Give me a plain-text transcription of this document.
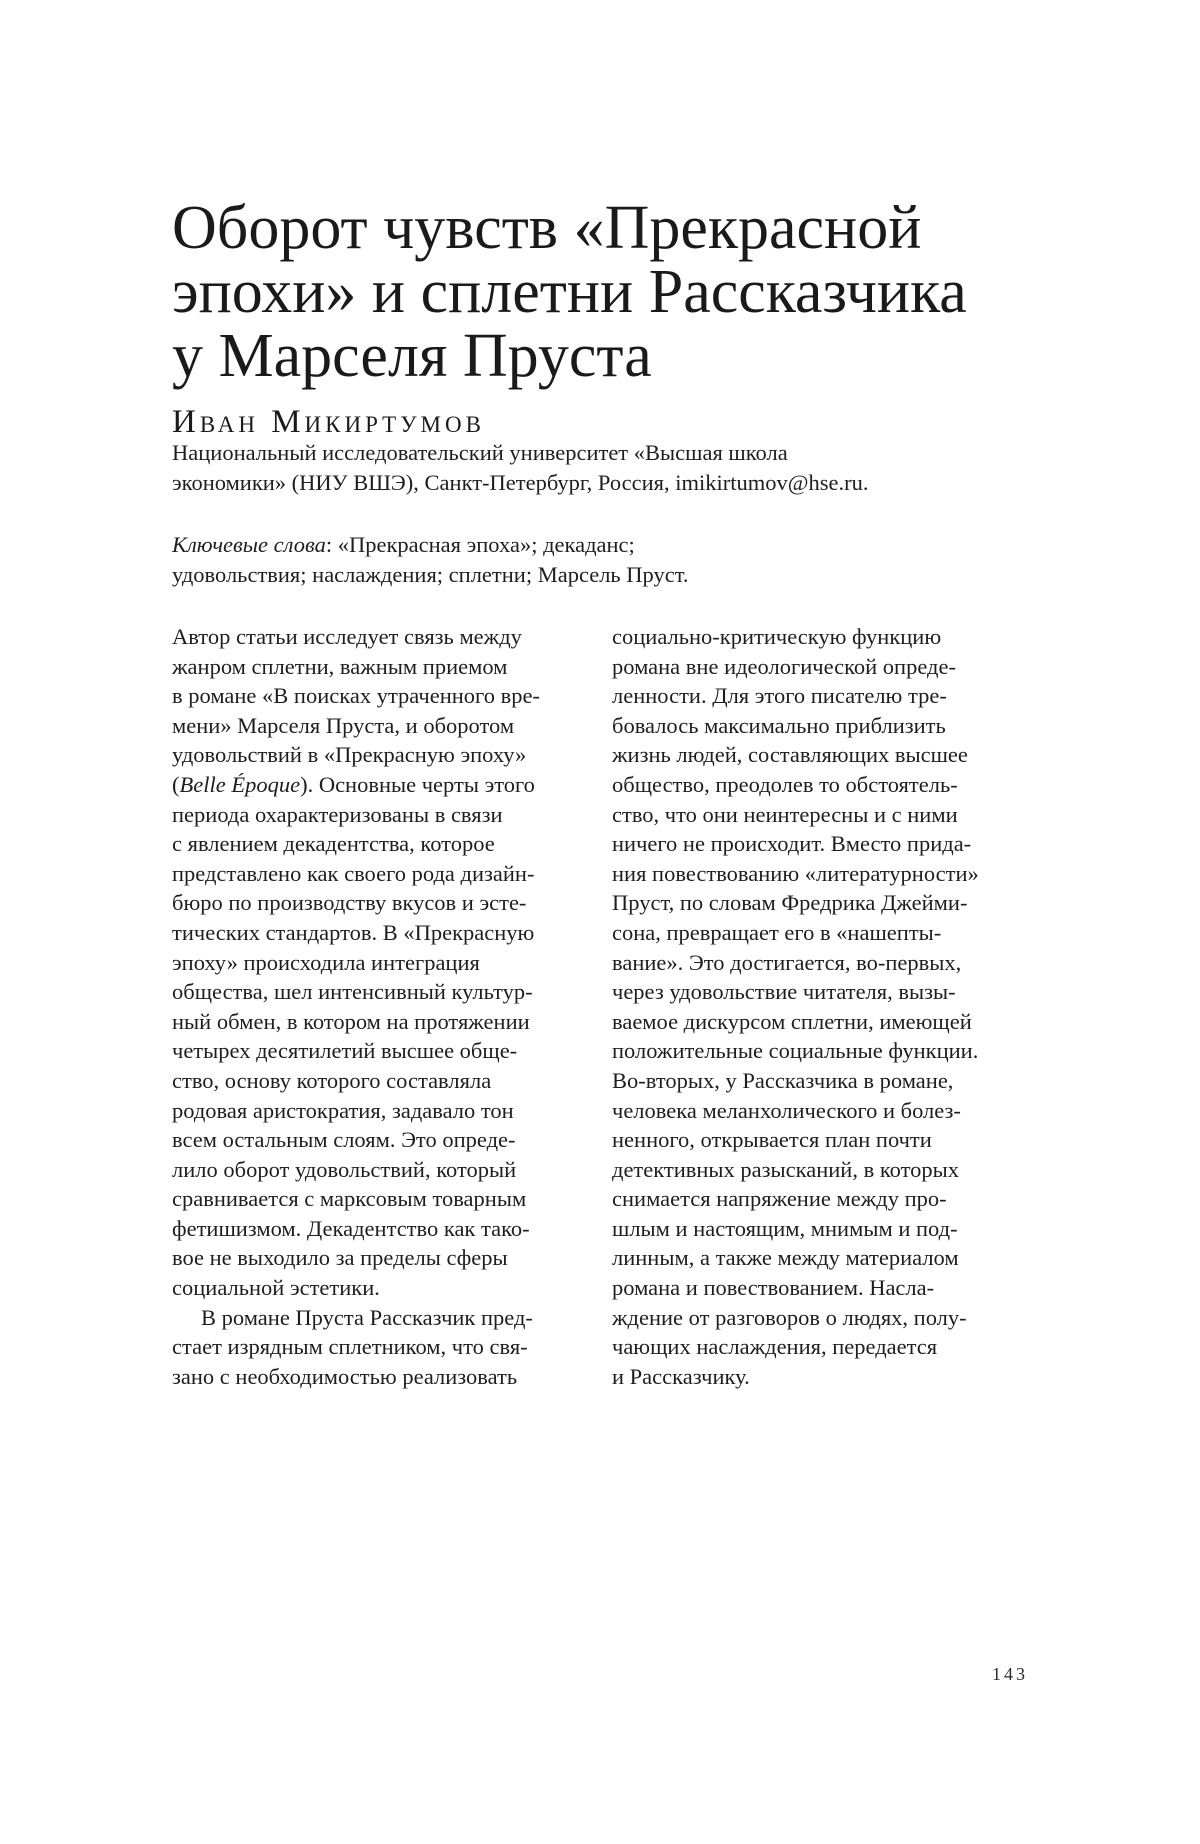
Оборот чувств «Прекрасной
эпохи» и сплетни Рассказчика
у Марселя Пруста
Иван Микиртумов
Национальный исследовательский университет «Высшая школа
экономики» (НИУ ВШЭ), Санкт-Петербург, Россия, imikirtumov@hse.ru.
Ключевые слова: «Прекрасная эпоха»; декаданс;
удовольствия; наслаждения; сплетни; Марсель Пруст.
Автор статьи исследует связь между
жанром сплетни, важным приемом
в романе «В поисках утраченного вре-
мени» Марселя Пруста, и оборотом
удовольствий в «Прекрасную эпоху»
(Belle Époque). Основные черты этого
периода охарактеризованы в связи
с явлением декадентства, которое
представлено как своего рода дизайн-
бюро по производству вкусов и эсте-
тических стандартов. В «Прекрасную
эпоху» происходила интеграция
общества, шел интенсивный культур-
ный обмен, в котором на протяжении
четырех десятилетий высшее обще-
ство, основу которого составляла
родовая аристократия, задавало тон
всем остальным слоям. Это опреде-
лило оборот удовольствий, который
сравнивается с марксовым товарным
фетишизмом. Декадентство как тако-
вое не выходило за пределы сферы
социальной эстетики.
В романе Пруста Рассказчик пред-
стает изрядным сплетником, что свя-
зано с необходимостью реализовать
социально-критическую функцию
романа вне идеологической опреде-
ленности. Для этого писателю тре-
бовалось максимально приблизить
жизнь людей, составляющих высшее
общество, преодолев то обстоятель-
ство, что они неинтересны и с ними
ничего не происходит. Вместо прида-
ния повествованию «литературности»
Пруст, по словам Фредрика Джейми-
сона, превращает его в «нашепты-
вание». Это достигается, во-первых,
через удовольствие читателя, вызы-
ваемое дискурсом сплетни, имеющей
положительные социальные функции.
Во-вторых, у Рассказчика в романе,
человека меланхолического и болез-
ненного, открывается план почти
детективных разысканий, в которых
снимается напряжение между про-
шлым и настоящим, мнимым и под-
линным, а также между материалом
романа и повествованием. Насла-
ждение от разговоров о людях, полу-
чающих наслаждения, передается
и Рассказчику.
143
